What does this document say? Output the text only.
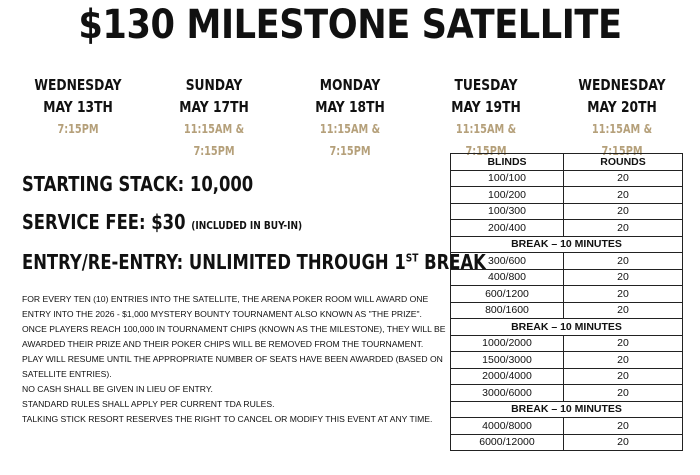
$130 MILESTONE SATELLITE
WEDNESDAY
MAY 13TH
7:15PM
SUNDAY
MAY 17TH
11:15AM & 7:15PM
MONDAY
MAY 18TH
11:15AM & 7:15PM
TUESDAY
MAY 19TH
11:15AM & 7:15PM
WEDNESDAY
MAY 20TH
11:15AM & 7:15PM
STARTING STACK: 10,000
SERVICE FEE: $30 (INCLUDED IN BUY-IN)
ENTRY/RE-ENTRY: UNLIMITED THROUGH 1ST BREAK

FOR EVERY TEN (10) ENTRIES INTO THE SATELLITE, THE ARENA POKER ROOM WILL AWARD ONE ENTRY INTO THE 2026 - $1,000 MYSTERY BOUNTY TOURNAMENT ALSO KNOWN AS "THE PRIZE".

ONCE PLAYERS REACH 100,000 IN TOURNAMENT CHIPS (KNOWN AS THE MILESTONE), THEY WILL BE AWARDED THEIR PRIZE AND THEIR POKER CHIPS WILL BE REMOVED FROM THE TOURNAMENT.

PLAY WILL RESUME UNTIL THE APPROPRIATE NUMBER OF SEATS HAVE BEEN AWARDED (BASED ON SATELLITE ENTRIES).

NO CASH SHALL BE GIVEN IN LIEU OF ENTRY.

STANDARD RULES SHALL APPLY PER CURRENT TDA RULES.

TALKING STICK RESORT RESERVES THE RIGHT TO CANCEL OR MODIFY THIS EVENT AT ANY TIME.

BLINDS	ROUNDS
100/100	20
100/200	20
100/300	20
200/400	20
BREAK – 10 MINUTES	
300/600	20
400/800	20
600/1200	20
800/1600	20
BREAK – 10 MINUTES	
1000/2000	20
1500/3000	20
2000/4000	20
3000/6000	20
BREAK – 10 MINUTES	
4000/8000	20
6000/12000	20
